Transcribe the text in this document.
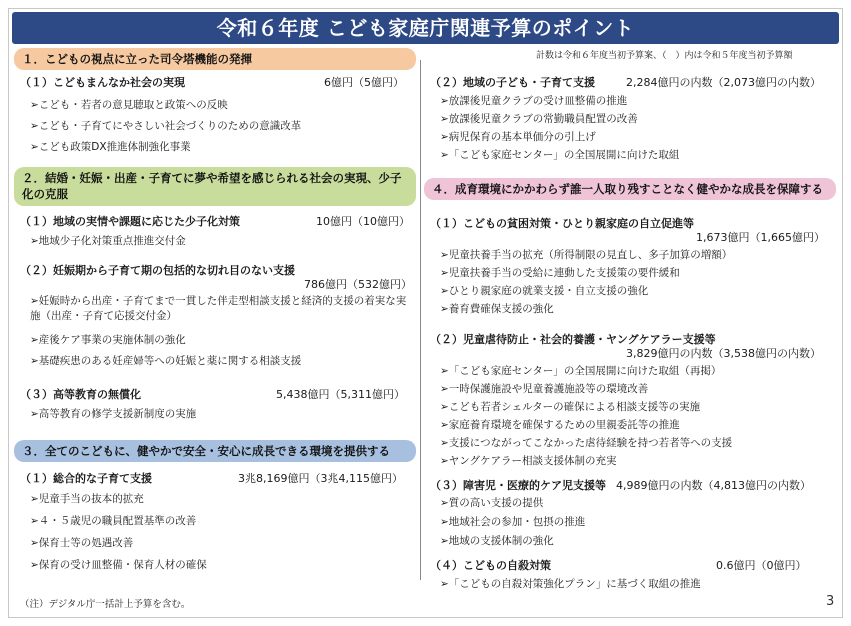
令和６年度 こども家庭庁関連予算のポイント
計数は令和６年度当初予算案、（　）内は令和５年度当初予算額
１．こどもの視点に立った司令塔機能の発揮
（１）こどもまんなか社会の実現	6億円（5億円）
➢こども・若者の意見聴取と政策への反映
➢こども・子育てにやさしい社会づくりのための意識改革
➢こども政策DX推進体制強化事業
２．結婚・妊娠・出産・子育てに夢や希望を感じられる社会の実現、少子化の克服
（１）地域の実情や課題に応じた少子化対策	10億円（10億円）
➢地域少子化対策重点推進交付金
（２）妊娠期から子育て期の包括的な切れ目のない支援
786億円（532億円）
➢妊娠時から出産・子育てまで一貫した伴走型相談支援と経済的支援の着実な実施（出産・子育て応援交付金）
➢産後ケア事業の実施体制の強化
➢基礎疾患のある妊産婦等への妊娠と薬に関する相談支援
（３）高等教育の無償化	5,438億円（5,311億円）
➢高等教育の修学支援新制度の実施
３．全てのこどもに、健やかで安全・安心に成長できる環境を提供する
（１）総合的な子育て支援	3兆8,169億円（3兆4,115億円）
➢児童手当の抜本的拡充
➢４・５歳児の職員配置基準の改善
➢保育士等の処遇改善
➢保育の受け皿整備・保育人材の確保
（２）地域の子ども・子育て支援	2,284億円の内数（2,073億円の内数）
➢放課後児童クラブの受け皿整備の推進
➢放課後児童クラブの常勤職員配置の改善
➢病児保育の基本単価分の引上げ
➢「こども家庭センター」の全国展開に向けた取組
４．成育環境にかかわらず誰一人取り残すことなく健やかな成長を保障する
（１）こどもの貧困対策・ひとり親家庭の自立促進等
1,673億円（1,665億円）
➢児童扶養手当の拡充（所得制限の見直し、多子加算の増額）
➢児童扶養手当の受給に連動した支援策の要件緩和
➢ひとり親家庭の就業支援・自立支援の強化
➢養育費確保支援の強化
（２）児童虐待防止・社会的養護・ヤングケアラー支援等
3,829億円の内数（3,538億円の内数）
➢「こども家庭センター」の全国展開に向けた取組（再掲）
➢一時保護施設や児童養護施設等の環境改善
➢こども若者シェルターの確保による相談支援等の実施
➢家庭養育環境を確保するための里親委託等の推進
➢支援につながってこなかった虐待経験を持つ若者等への支援
➢ヤングケアラー相談支援体制の充実
（３）障害児・医療的ケア児支援等 4,989億円の内数（4,813億円の内数）
➢質の高い支援の提供
➢地域社会の参加・包摂の推進
➢地域の支援体制の強化
（４）こどもの自殺対策	0.6億円（0億円）
➢「こどもの自殺対策強化プラン」に基づく取組の推進
（注）デジタル庁一括計上予算を含む。	3
